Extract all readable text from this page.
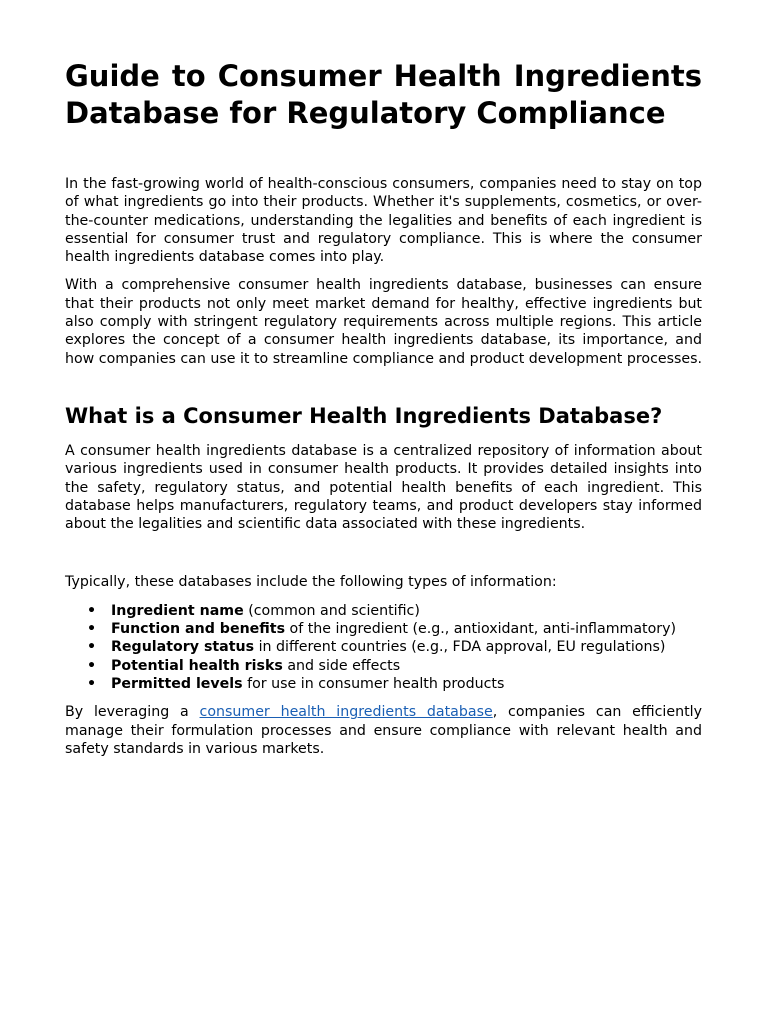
Guide to Consumer Health Ingredients Database for Regulatory Compliance

In the fast-growing world of health-conscious consumers, companies need to stay on top of what ingredients go into their products. Whether it's supplements, cosmetics, or over-the-counter medications, understanding the legalities and benefits of each ingredient is essential for consumer trust and regulatory compliance. This is where the consumer health ingredients database comes into play.

With a comprehensive consumer health ingredients database, businesses can ensure that their products not only meet market demand for healthy, effective ingredients but also comply with stringent regulatory requirements across multiple regions. This article explores the concept of a consumer health ingredients database, its importance, and how companies can use it to streamline compliance and product development processes.

What is a Consumer Health Ingredients Database?

A consumer health ingredients database is a centralized repository of information about various ingredients used in consumer health products. It provides detailed insights into the safety, regulatory status, and potential health benefits of each ingredient. This database helps manufacturers, regulatory teams, and product developers stay informed about the legalities and scientific data associated with these ingredients.

Typically, these databases include the following types of information:

• Ingredient name (common and scientific)
• Function and benefits of the ingredient (e.g., antioxidant, anti-inflammatory)
• Regulatory status in different countries (e.g., FDA approval, EU regulations)
• Potential health risks and side effects
• Permitted levels for use in consumer health products

By leveraging a consumer health ingredients database, companies can efficiently manage their formulation processes and ensure compliance with relevant health and safety standards in various markets.
